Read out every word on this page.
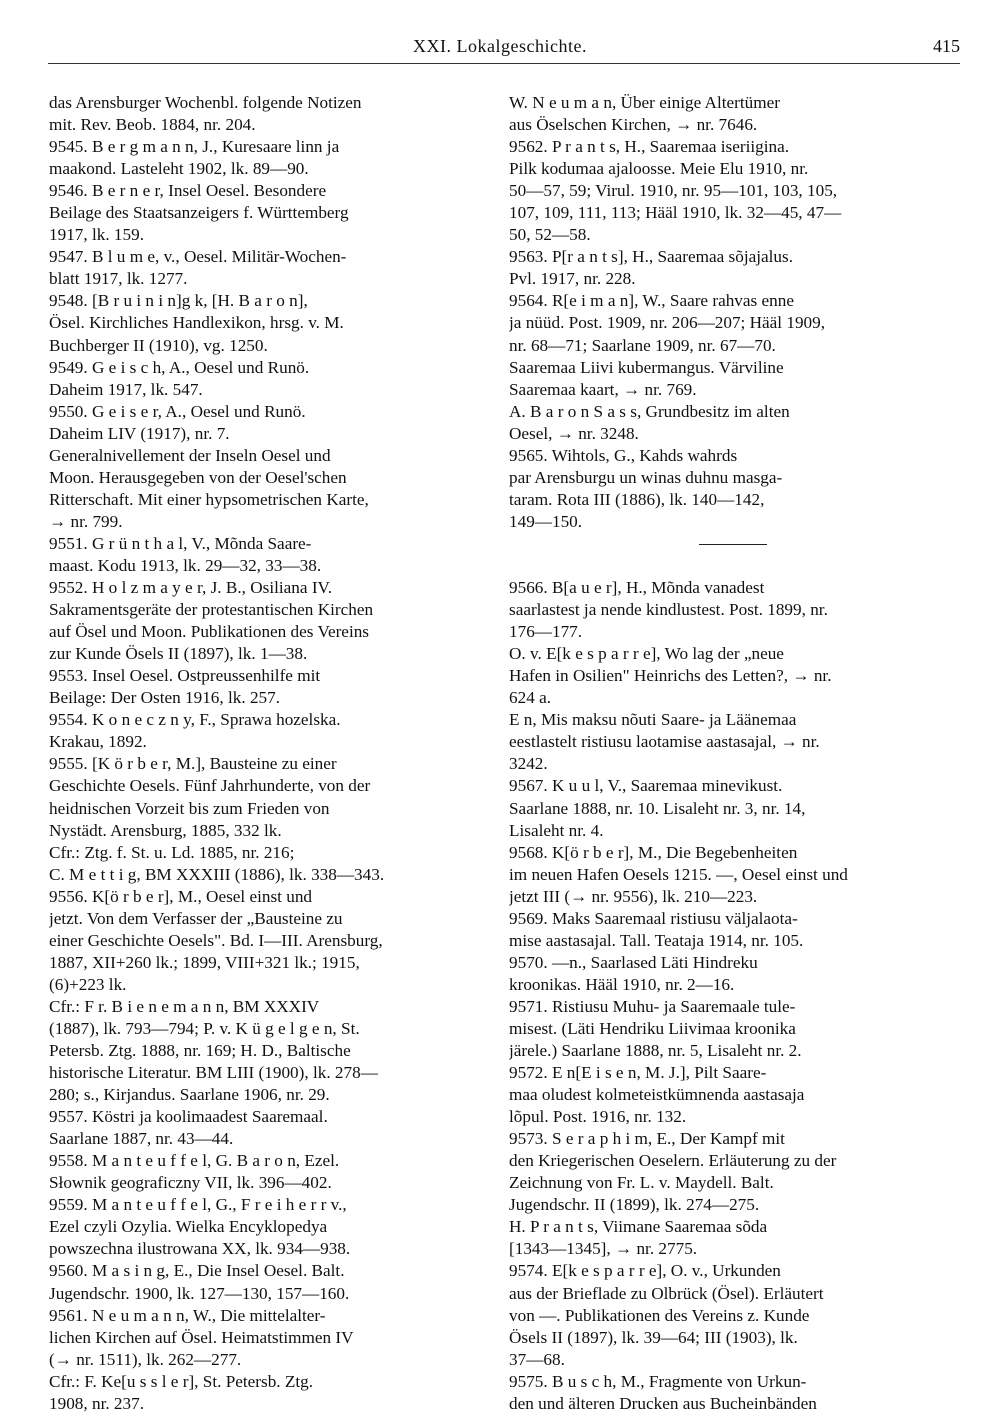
XXI. Lokalgeschichte.	415
das Arensburger Wochenbl. folgende Notizen
mit. Rev. Beob. 1884, nr. 204.
9545. B e r g m a n n, J., Kuresaare linn ja
maakond. Lasteleht 1902, lk. 89—90.
9546. B e r n e r, Insel Oesel. Besondere
Beilage des Staatsanzeigers f. Württemberg
1917, lk. 159.
9547. B l u m e, v., Oesel. Militär-Wochen-
blatt 1917, lk. 1277.
9548. [B r u i n i n]g k, [H. B a r o n],
Ösel. Kirchliches Handlexikon, hrsg. v. M.
Buchberger II (1910), vg. 1250.
9549. G e i s c h, A., Oesel und Runö.
Daheim 1917, lk. 547.
9550. G e i s e r, A., Oesel und Runö.
Daheim LIV (1917), nr. 7.
Generalnivellement der Inseln Oesel und
Moon. Herausgegeben von der Oesel'schen
Ritterschaft. Mit einer hypsometrischen Karte,
→ nr. 799.
9551. G r ü n t h a l, V., Mõnda Saare-
maast. Kodu 1913, lk. 29—32, 33—38.
9552. H o l z m a y e r, J. B., Osiliana IV.
Sakramentsgeräte der protestantischen Kirchen
auf Ösel und Moon. Publikationen des Vereins
zur Kunde Ösels II (1897), lk. 1—38.
9553. Insel Oesel. Ostpreussenhilfe mit
Beilage: Der Osten 1916, lk. 257.
9554. K o n e c z n y, F., Sprawa hozelska.
Krakau, 1892.
9555. [K ö r b e r, M.], Bausteine zu einer
Geschichte Oesels. Fünf Jahrhunderte, von der
heidnischen Vorzeit bis zum Frieden von
Nystädt. Arensburg, 1885, 332 lk.
Cfr.: Ztg. f. St. u. Ld. 1885, nr. 216;
C. M e t t i g, BM XXXIII (1886), lk. 338—343.
9556. K[ö r b e r], M., Oesel einst und
jetzt. Von dem Verfasser der „Bausteine zu
einer Geschichte Oesels". Bd. I—III. Arensburg,
1887, XII+260 lk.; 1899, VIII+321 lk.; 1915,
(6)+223 lk.
Cfr.: F r. B i e n e m a n n, BM XXXIV
(1887), lk. 793—794; P. v. K ü g e l g e n, St.
Petersb. Ztg. 1888, nr. 169; H. D., Baltische
historische Literatur. BM LIII (1900), lk. 278—
280; s., Kirjandus. Saarlane 1906, nr. 29.
9557. Köstri ja koolimaadest Saaremaal.
Saarlane 1887, nr. 43—44.
9558. M a n t e u f f e l, G. B a r o n, Ezel.
Słownik geograficzny VII, lk. 396—402.
9559. M a n t e u f f e l, G., F r e i h e r r v.,
Ezel czyli Ozylia. Wielka Encyklopedya
powszechna ilustrowana XX, lk. 934—938.
9560. M a s i n g, E., Die Insel Oesel. Balt.
Jugendschr. 1900, lk. 127—130, 157—160.
9561. N e u m a n n, W., Die mittelalter-
lichen Kirchen auf Ösel. Heimatstimmen IV
(→ nr. 1511), lk. 262—277.
Cfr.: F. Ke[u s s l e r], St. Petersb. Ztg.
1908, nr. 237.
W. N e u m a n, Über einige Altertümer
aus Öselschen Kirchen, → nr. 7646.
9562. P r a n t s, H., Saaremaa iseriigina.
Pilk kodumaa ajaloosse. Meie Elu 1910, nr.
50—57, 59; Virul. 1910, nr. 95—101, 103, 105,
107, 109, 111, 113; Hääl 1910, lk. 32—45, 47—
50, 52—58.
9563. P[r a n t s], H., Saaremaa sõjajalus.
Pvl. 1917, nr. 228.
9564. R[e i m a n], W., Saare rahvas enne
ja nüüd. Post. 1909, nr. 206—207; Hääl 1909,
nr. 68—71; Saarlane 1909, nr. 67—70.
Saaremaa Liivi kubermangus. Värviline
Saaremaa kaart, → nr. 769.
A. B a r o n S a s s, Grundbesitz im alten
Oesel, → nr. 3248.
9565. Wihtols, G., Kahds wahrds
par Arensburgu un winas duhnu masga-
taram. Rota III (1886), lk. 140—142,
149—150.
9566. B[a u e r], H., Mõnda vanadest
saarlastest ja nende kindlustest. Post. 1899, nr.
176—177.
O. v. E[k e s p a r r e], Wo lag der „neue
Hafen in Osilien" Heinrichs des Letten?, → nr.
624 a.
E n, Mis maksu nõuti Saare- ja Läänemaa
eestlastelt ristiusu laotamise aastasajal, → nr.
3242.
9567. K u u l, V., Saaremaa minevikust.
Saarlane 1888, nr. 10. Lisaleht nr. 3, nr. 14,
Lisaleht nr. 4.
9568. K[ö r b e r], M., Die Begebenheiten
im neuen Hafen Oesels 1215. —, Oesel einst und
jetzt III (→ nr. 9556), lk. 210—223.
9569. Maks Saaremaal ristiusu väljalaota-
mise aastasajal. Tall. Teataja 1914, nr. 105.
9570. —n., Saarlased Läti Hindreku
kroonikas. Hääl 1910, nr. 2—16.
9571. Ristiusu Muhu- ja Saaremaale tule-
misest. (Läti Hendriku Liivimaa kroonika
järele.) Saarlane 1888, nr. 5, Lisaleht nr. 2.
9572. E n[E i s e n, M. J.], Pilt Saare-
maa oludest kolmeteistkümnenda aastasaja
lõpul. Post. 1916, nr. 132.
9573. S e r a p h i m, E., Der Kampf mit
den Kriegerischen Oeselern. Erläuterung zu der
Zeichnung von Fr. L. v. Maydell. Balt.
Jugendschr. II (1899), lk. 274—275.
H. P r a n t s, Viimane Saaremaa sõda
[1343—1345], → nr. 2775.
9574. E[k e s p a r r e], O. v., Urkunden
aus der Brieflade zu Olbrück (Ösel). Erläutert
von —. Publikationen des Vereins z. Kunde
Ösels II (1897), lk. 39—64; III (1903), lk.
37—68.
9575. B u s c h, M., Fragmente von Urkun-
den und älteren Drucken aus Bucheinbänden
